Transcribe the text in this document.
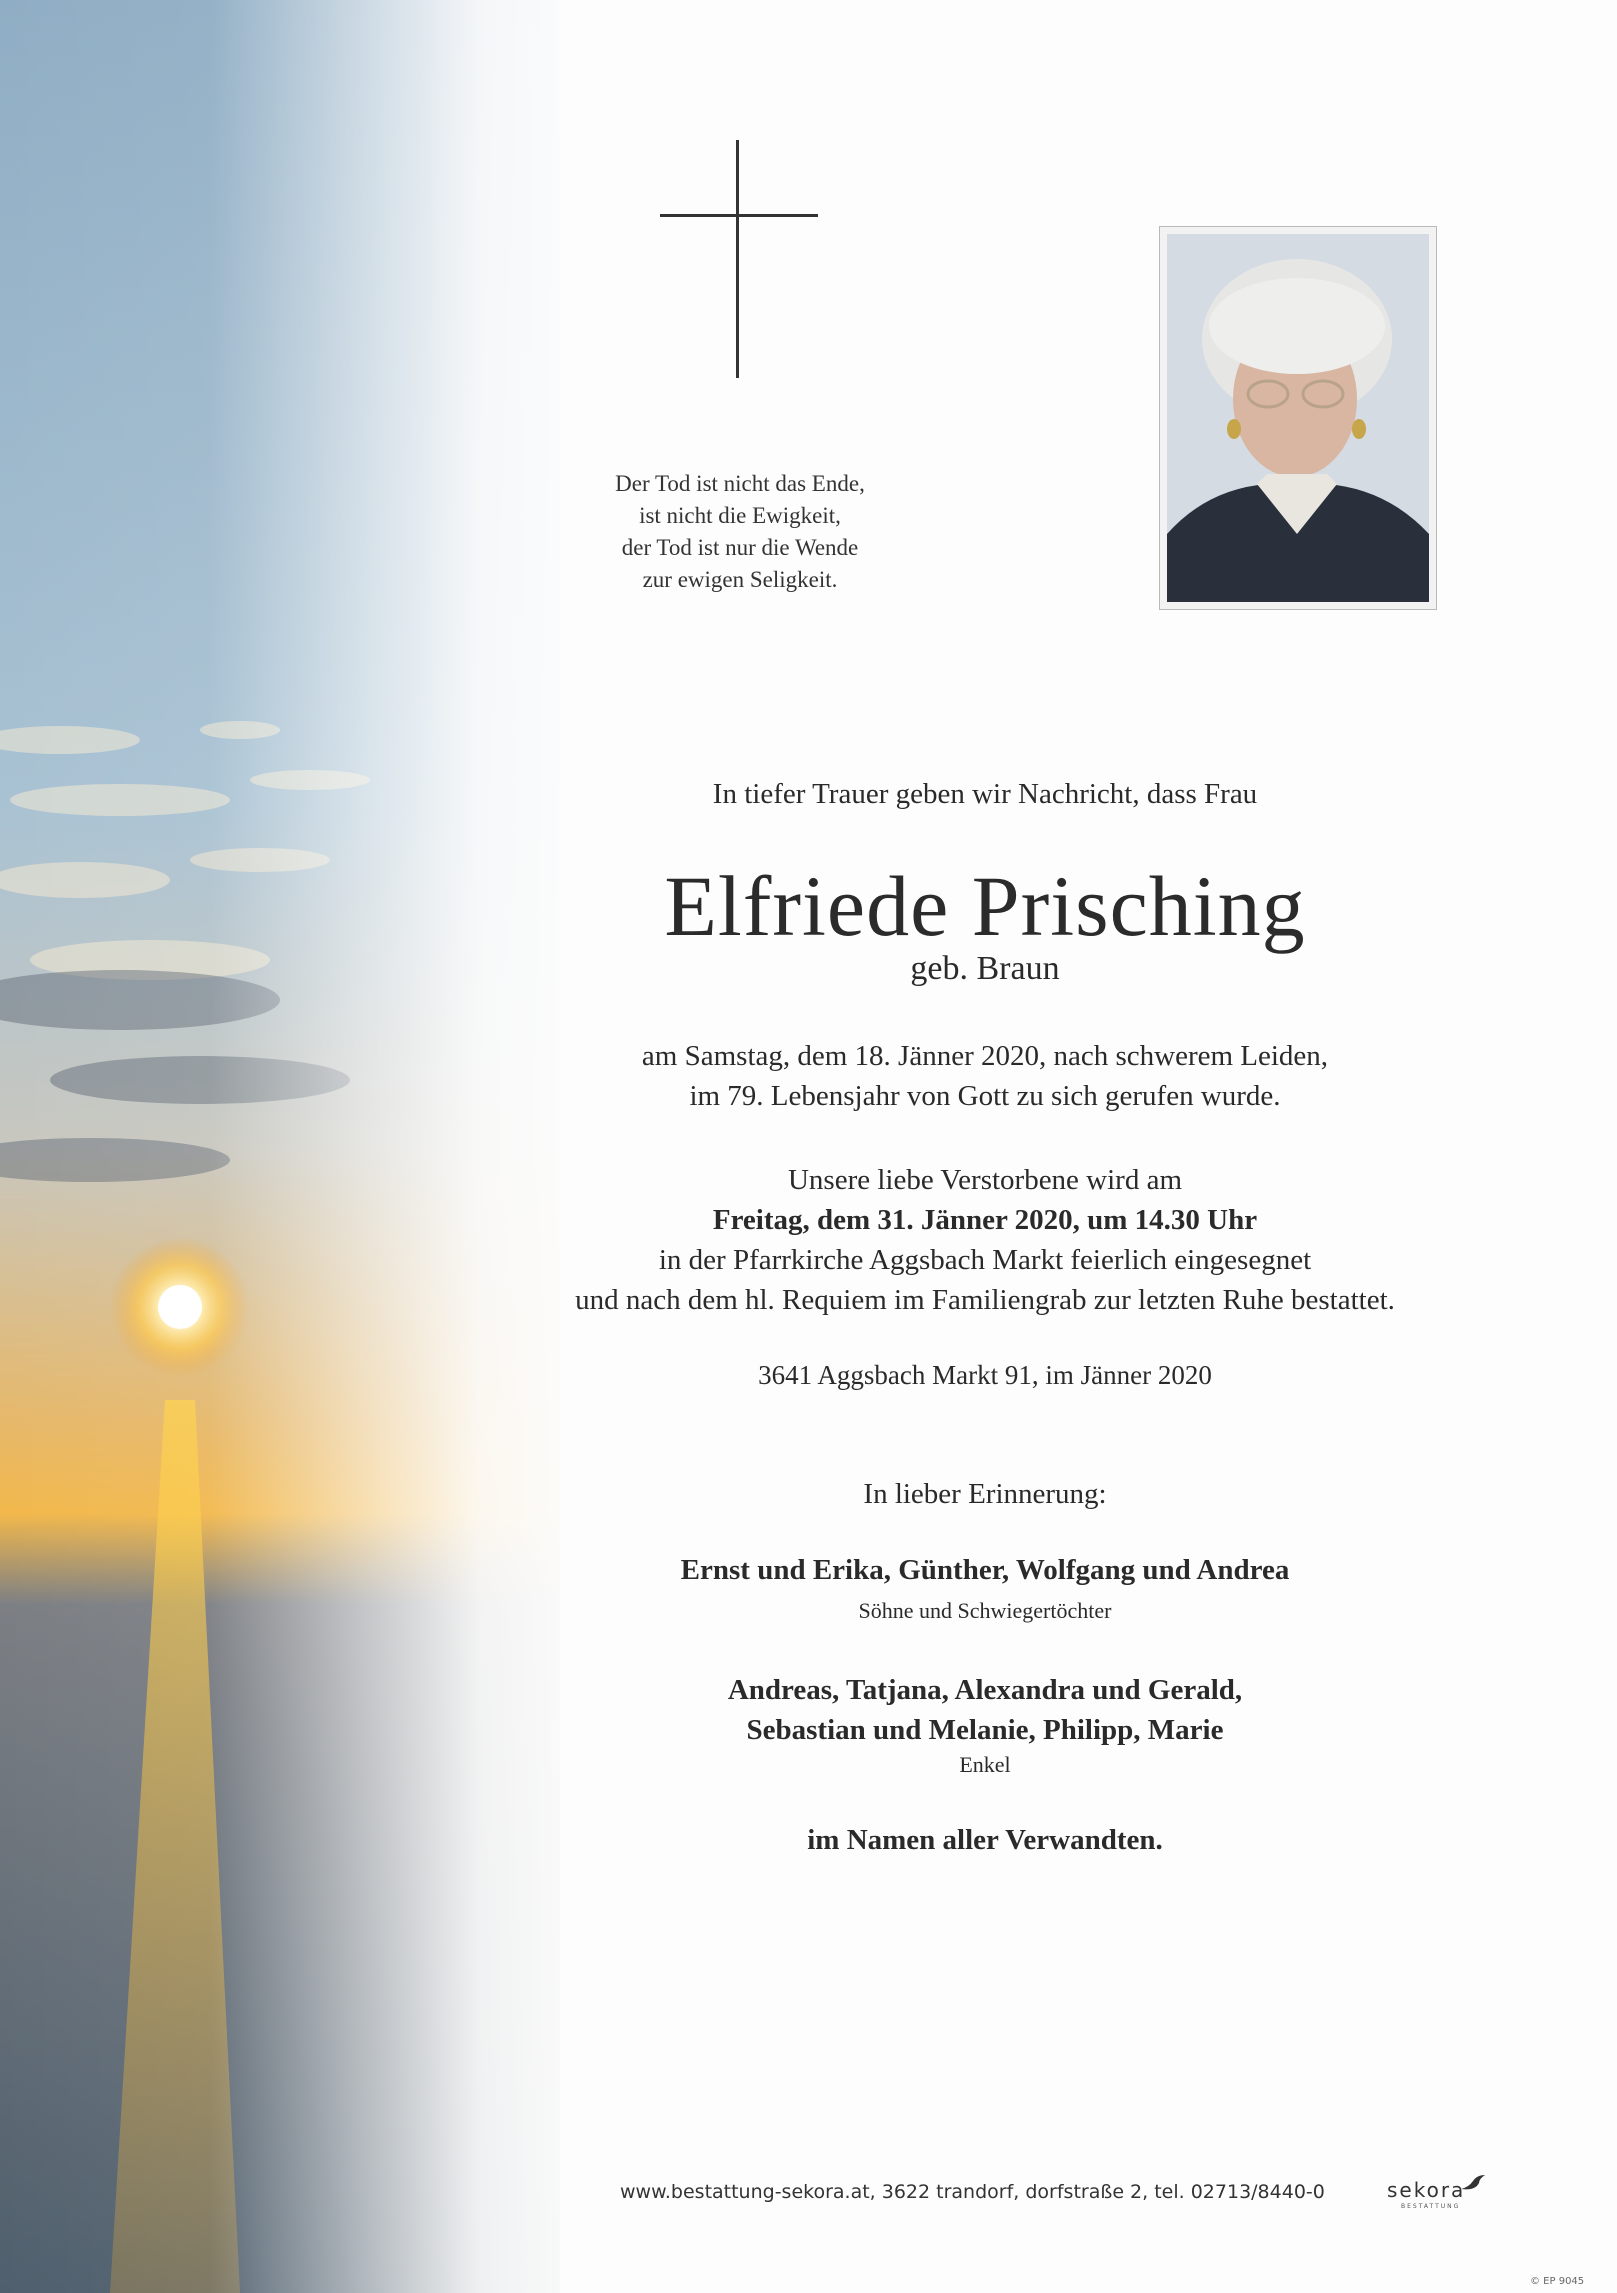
Der Tod ist nicht das Ende,
ist nicht die Ewigkeit,
der Tod ist nur die Wende
zur ewigen Seligkeit.
In tiefer Trauer geben wir Nachricht, dass Frau
Elfriede Prisching
geb. Braun
am Samstag, dem 18. Jänner 2020, nach schwerem Leiden,
im 79. Lebensjahr von Gott zu sich gerufen wurde.
Unsere liebe Verstorbene wird am
Freitag, dem 31. Jänner 2020, um 14.30 Uhr
in der Pfarrkirche Aggsbach Markt feierlich eingesegnet
und nach dem hl. Requiem im Familiengrab zur letzten Ruhe bestattet.
3641 Aggsbach Markt 91, im Jänner 2020
In lieber Erinnerung:
Ernst und Erika, Günther, Wolfgang und Andrea
Söhne und Schwiegertöchter
Andreas, Tatjana, Alexandra und Gerald,
Sebastian und Melanie, Philipp, Marie
Enkel
im Namen aller Verwandten.
www.bestattung-sekora.at, 3622 trandorf, dorfstraße 2, tel. 02713/8440-0	sekora
BESTATTUNG
© EP 9045
